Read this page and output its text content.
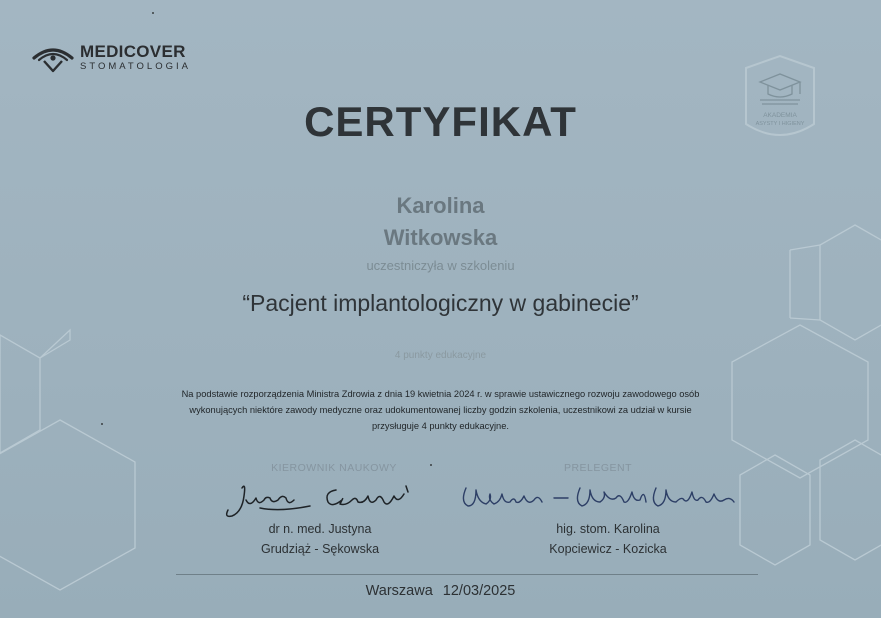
MEDICOVER
STOMATOLOGIA
AKADEMIA
ASYSTY I HIGIENY
CERTYFIKAT
Karolina
Witkowska
uczestniczyła w szkoleniu
“Pacjent implantologiczny w gabinecie”
4 punkty edukacyjne
Na podstawie rozporządzenia Ministra Zdrowia z dnia 19 kwietnia 2024 r. w sprawie ustawicznego rozwoju zawodowego osób
wykonujących niektóre zawody medyczne oraz udokumentowanej liczby godzin szkolenia, uczestnikowi za udział w kursie
przysługuje 4 punkty edukacyjne.
KIEROWNIK NAUKOWY
dr n. med. Justyna
Grudziąż - Sękowska
PRELEGENT
hig. stom. Karolina
Kopciewicz - Kozicka
Warszawa 12/03/2025
